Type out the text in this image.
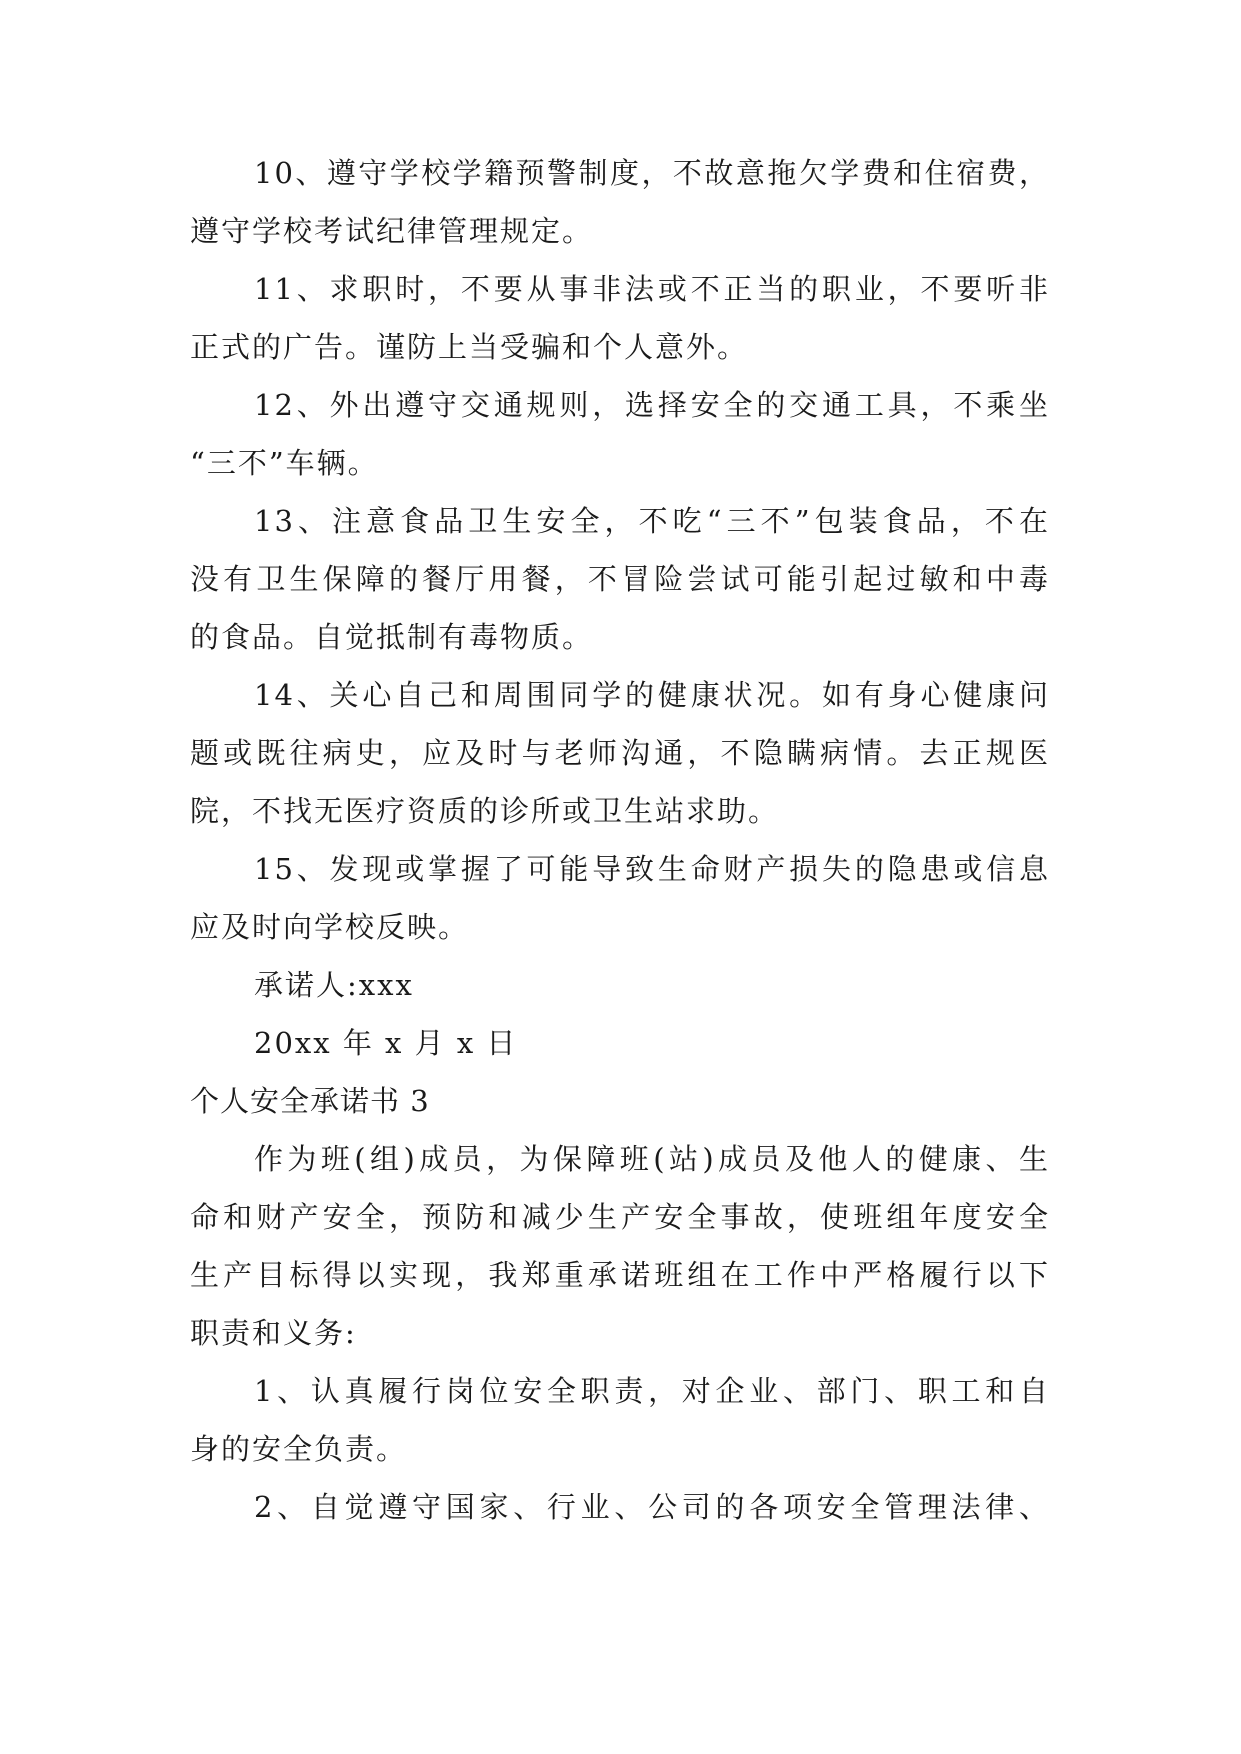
10、遵守学校学籍预警制度，不故意拖欠学费和住宿费，
遵守学校考试纪律管理规定。
11、求职时，不要从事非法或不正当的职业，不要听非
正式的广告。谨防上当受骗和个人意外。
12、外出遵守交通规则，选择安全的交通工具，不乘坐
“三不”车辆。
13、注意食品卫生安全，不吃“三不”包装食品，不在
没有卫生保障的餐厅用餐，不冒险尝试可能引起过敏和中毒
的食品。自觉抵制有毒物质。
14、关心自己和周围同学的健康状况。如有身心健康问
题或既往病史，应及时与老师沟通，不隐瞒病情。去正规医
院，不找无医疗资质的诊所或卫生站求助。
15、发现或掌握了可能导致生命财产损失的隐患或信息
应及时向学校反映。
承诺人:xxx
20xx 年 x 月 x 日
个人安全承诺书 3
作为班(组)成员，为保障班(站)成员及他人的健康、生
命和财产安全，预防和减少生产安全事故，使班组年度安全
生产目标得以实现，我郑重承诺班组在工作中严格履行以下
职责和义务:
1、认真履行岗位安全职责，对企业、部门、职工和自
身的安全负责。
2、自觉遵守国家、行业、公司的各项安全管理法律、
